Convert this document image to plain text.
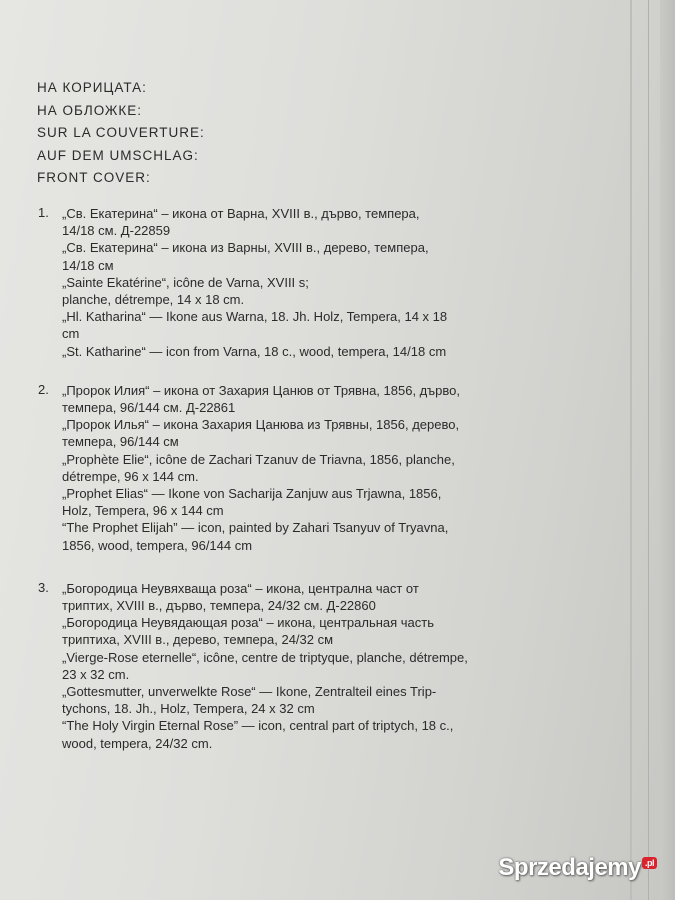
НА КОРИЦАТА:
НА ОБЛОЖКЕ:
SUR LA COUVERTURE:
AUF DEM UMSCHLAG:
FRONT COVER:
1. „Св. Екатерина“ – икона от Варна, XVIII в., дърво, темпера,
14/18 см. Д-22859
„Св. Екатерина“ – икона из Варны, XVIII в., дерево, темпера,
14/18 см
„Sainte Ekatérine“, icône de Varna, XVIII s;
planche, détrempe, 14 x 18 cm.
„Hl. Katharina“ — Ikone aus Warna, 18. Jh. Holz, Tempera, 14 x 18
cm
„St. Katharine“ — icon from Varna, 18 c., wood, tempera, 14/18 cm
2. „Пророк Илия“ – икона от Захария Цанюв от Трявна, 1856, дърво,
темпера, 96/144 см. Д-22861
„Пророк Илья“ – икона Захария Цанюва из Трявны, 1856, дерево,
темпера, 96/144 см
„Prophète Elie“, icône de Zachari Tzanuv de Triavna, 1856, planche,
détrempe, 96 x 144 cm.
„Prophet Elias“ — Ikone von Sacharija Zanjuw aus Trjawna, 1856,
Holz, Tempera, 96 x 144 cm
“The Prophet Elijah” — icon, painted by Zahari Tsanyuv of Tryavna,
1856, wood, tempera, 96/144 cm
3. „Богородица Неувяхваща роза“ – икона, централна част от
триптих, XVIII в., дърво, темпера, 24/32 см. Д-22860
„Богородица Неувядающая роза“ – икона, центральная часть
триптиха, XVIII в., дерево, темпера, 24/32 см
„Vierge-Rose eternelle“, icône, centre de triptyque, planche, détrempe,
23 x 32 cm.
„Gottesmutter, unverwelkte Rose“ — Ikone, Zentralteil eines Trip-
tychons, 18. Jh., Holz, Tempera, 24 x 32 cm
“The Holy Virgin Eternal Rose” — icon, central part of triptych, 18 c.,
wood, tempera, 24/32 cm.
Sprzedajemy .pl
